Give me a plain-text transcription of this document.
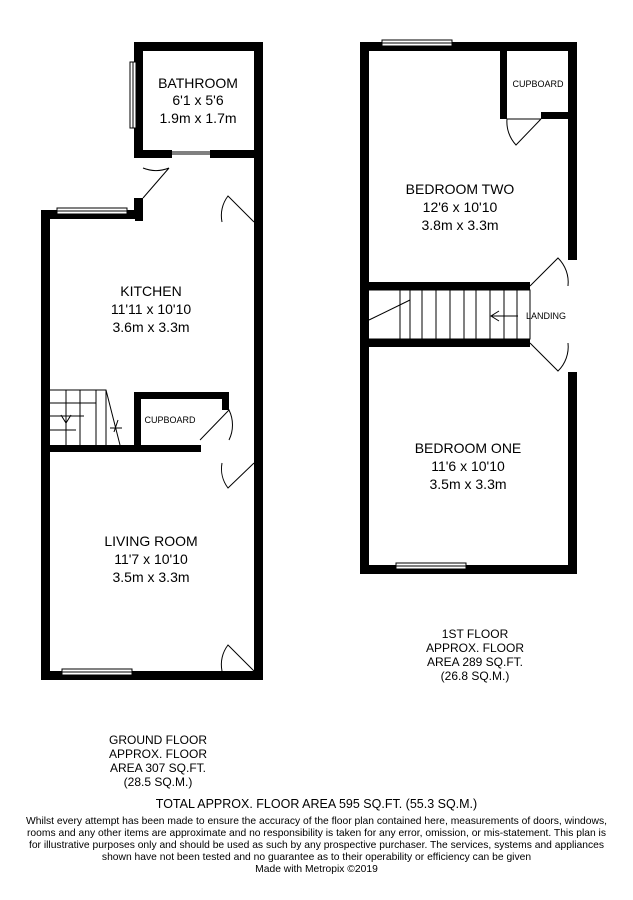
BATHROOM
6'1 x 5'6
1.9m x 1.7m
KITCHEN
11'11 x 10'10
3.6m x 3.3m
CUPBOARD
LIVING ROOM
11'7 x 10'10
3.5m x 3.3m
CUPBOARD
BEDROOM TWO
12'6 x 10'10
3.8m x 3.3m
LANDING
BEDROOM ONE
11'6 x 10'10
3.5m x 3.3m
1ST FLOOR
APPROX. FLOOR
AREA 289 SQ.FT.
(26.8 SQ.M.)
GROUND FLOOR
APPROX. FLOOR
AREA 307 SQ.FT.
(28.5 SQ.M.)
TOTAL APPROX. FLOOR AREA 595 SQ.FT. (55.3 SQ.M.)
Whilst every attempt has been made to ensure the accuracy of the floor plan contained here, measurements of doors, windows, rooms and any other items are approximate and no responsibility is taken for any error, omission, or mis-statement. This plan is for illustrative purposes only and should be used as such by any prospective purchaser. The services, systems and appliances shown have not been tested and no guarantee as to their operability or efficiency can be given
Made with Metropix ©2019
